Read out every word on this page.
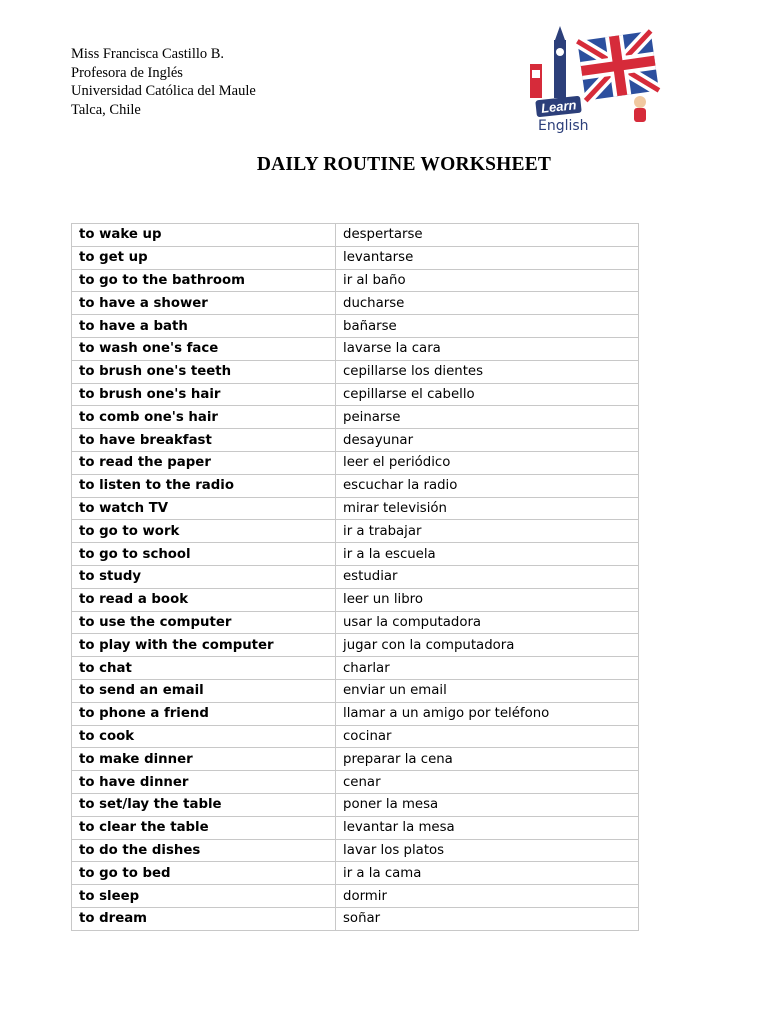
Miss Francisca Castillo B.
Profesora de Inglés
Universidad Católica del Maule
Talca, Chile	Learn
English
DAILY ROUTINE WORKSHEET
to wake up	despertarse
to get up	levantarse
to go to the bathroom	ir al baño
to have a shower	ducharse
to have a bath	bañarse
to wash one's face	lavarse la cara
to brush one's teeth	cepillarse los dientes
to brush one's hair	cepillarse el cabello
to comb one's hair	peinarse
to have breakfast	desayunar
to read the paper	leer el periódico
to listen to the radio	escuchar la radio
to watch TV	mirar televisión
to go to work	ir a trabajar
to go to school	ir a la escuela
to study	estudiar
to read a book	leer un libro
to use the computer	usar la computadora
to play with the computer	jugar con la computadora
to chat	charlar
to send an email	enviar un email
to phone a friend	llamar a un amigo por teléfono
to cook	cocinar
to make dinner	preparar la cena
to have dinner	cenar
to set/lay the table	poner la mesa
to clear the table	levantar la mesa
to do the dishes	lavar los platos
to go to bed	ir a la cama
to sleep	dormir
to dream	soñar
